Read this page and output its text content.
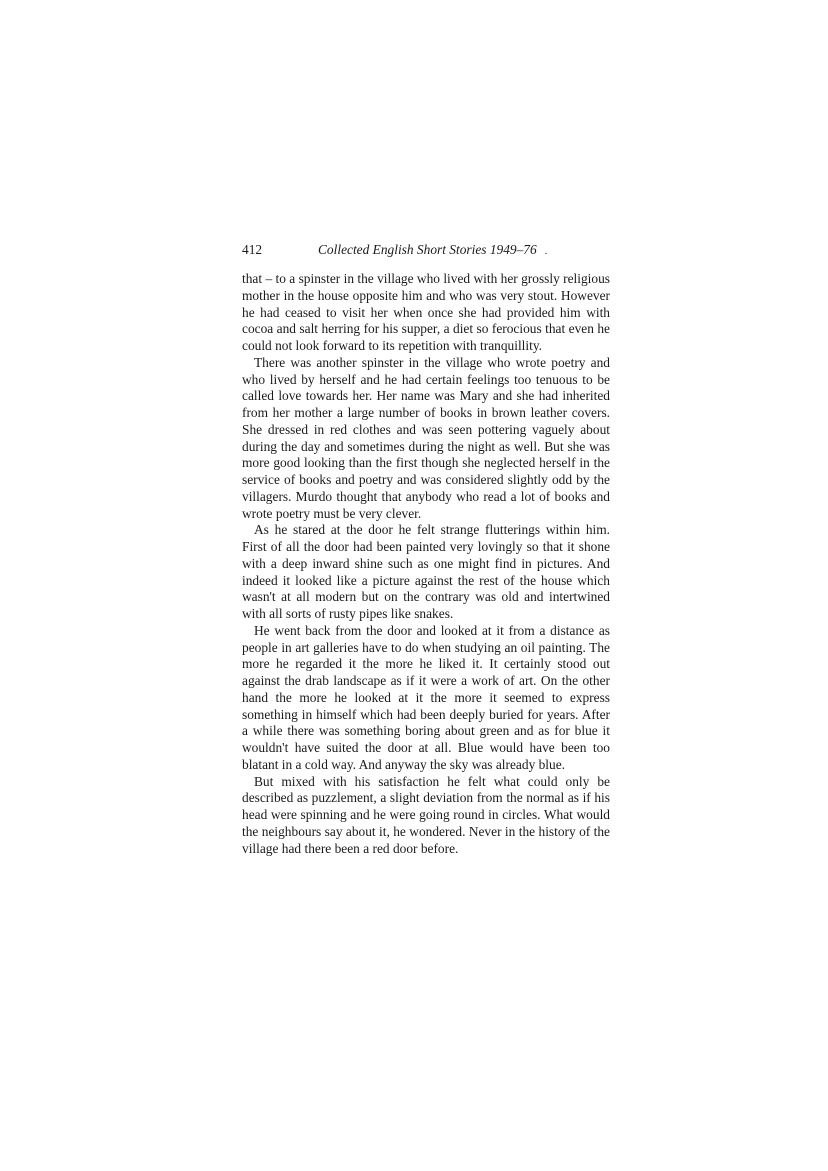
412	Collected English Short Stories 1949–76 .

that – to a spinster in the village who lived with her grossly religious mother in the house opposite him and who was very stout. However he had ceased to visit her when once she had provided him with cocoa and salt herring for his supper, a diet so ferocious that even he could not look forward to its repetition with tranquillity.

There was another spinster in the village who wrote poetry and who lived by herself and he had certain feelings too tenuous to be called love towards her. Her name was Mary and she had inherited from her mother a large number of books in brown leather covers. She dressed in red clothes and was seen pottering vaguely about during the day and sometimes during the night as well. But she was more good looking than the first though she neglected herself in the service of books and poetry and was considered slightly odd by the villagers. Murdo thought that anybody who read a lot of books and wrote poetry must be very clever.

As he stared at the door he felt strange flutterings within him. First of all the door had been painted very lovingly so that it shone with a deep inward shine such as one might find in pictures. And indeed it looked like a picture against the rest of the house which wasn't at all modern but on the contrary was old and intertwined with all sorts of rusty pipes like snakes.

He went back from the door and looked at it from a distance as people in art galleries have to do when studying an oil painting. The more he regarded it the more he liked it. It certainly stood out against the drab landscape as if it were a work of art. On the other hand the more he looked at it the more it seemed to express something in himself which had been deeply buried for years. After a while there was something boring about green and as for blue it wouldn't have suited the door at all. Blue would have been too blatant in a cold way. And anyway the sky was already blue.

But mixed with his satisfaction he felt what could only be described as puzzlement, a slight deviation from the normal as if his head were spinning and he were going round in circles. What would the neighbours say about it, he wondered. Never in the history of the village had there been a red door before.
